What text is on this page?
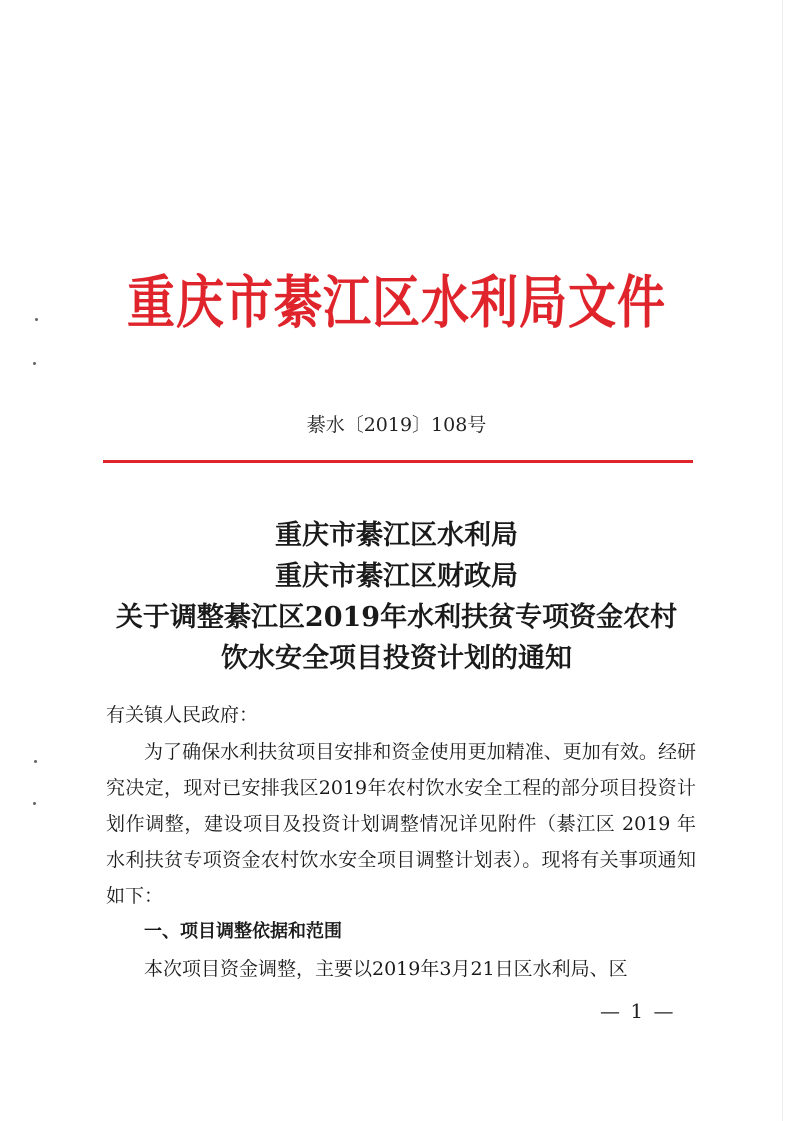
重庆市綦江区水利局文件
綦水〔2019〕108号
重庆市綦江区水利局
重庆市綦江区财政局
关于调整綦江区2019年水利扶贫专项资金农村
饮水安全项目投资计划的通知
有关镇人民政府：
为了确保水利扶贫项目安排和资金使用更加精准、更加有效。经研究决定，现对已安排我区2019年农村饮水安全工程的部分项目投资计划作调整，建设项目及投资计划调整情况详见附件（綦江区 2019 年水利扶贫专项资金农村饮水安全项目调整计划表）。现将有关事项通知如下：
一、项目调整依据和范围
本次项目资金调整，主要以2019年3月21日区水利局、区
— 1 —
